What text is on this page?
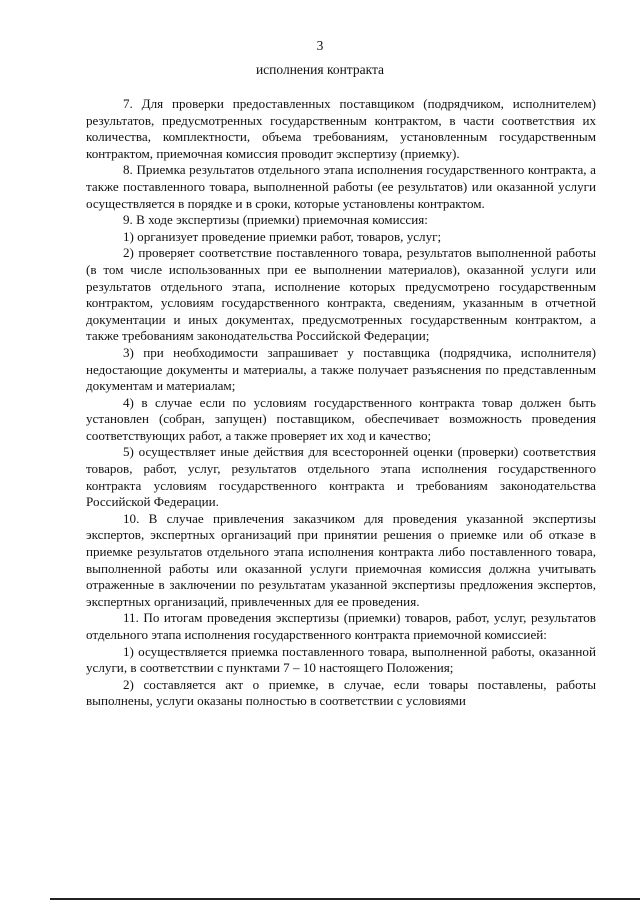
3
исполнения контракта

7. Для проверки предоставленных поставщиком (подрядчиком, исполнителем) результатов, предусмотренных государственным контрактом, в части соответствия их количества, комплектности, объема требованиям, установленным государственным контрактом, приемочная комиссия проводит экспертизу (приемку).

8. Приемка результатов отдельного этапа исполнения государственного контракта, а также поставленного товара, выполненной работы (ее результатов) или оказанной услуги осуществляется в порядке и в сроки, которые установлены контрактом.

9. В ходе экспертизы (приемки) приемочная комиссия:

1) организует проведение приемки работ, товаров, услуг;

2) проверяет соответствие поставленного товара, результатов выполненной работы (в том числе использованных при ее выполнении материалов), оказанной услуги или результатов отдельного этапа, исполнение которых предусмотрено государственным контрактом, условиям государственного контракта, сведениям, указанным в отчетной документации и иных документах, предусмотренных государственным контрактом, а также требованиям законодательства Российской Федерации;

3) при необходимости запрашивает у поставщика (подрядчика, исполнителя) недостающие документы и материалы, а также получает разъяснения по представленным документам и материалам;

4) в случае если по условиям государственного контракта товар должен быть установлен (собран, запущен) поставщиком, обеспечивает возможность проведения соответствующих работ, а также проверяет их ход и качество;

5) осуществляет иные действия для всесторонней оценки (проверки) соответствия товаров, работ, услуг, результатов отдельного этапа исполнения государственного контракта условиям государственного контракта и требованиям законодательства Российской Федерации.

10. В случае привлечения заказчиком для проведения указанной экспертизы экспертов, экспертных организаций при принятии решения о приемке или об отказе в приемке результатов отдельного этапа исполнения контракта либо поставленного товара, выполненной работы или оказанной услуги приемочная комиссия должна учитывать отраженные в заключении по результатам указанной экспертизы предложения экспертов, экспертных организаций, привлеченных для ее проведения.

11. По итогам проведения экспертизы (приемки) товаров, работ, услуг, результатов отдельного этапа исполнения государственного контракта приемочной комиссией:

1) осуществляется приемка поставленного товара, выполненной работы, оказанной услуги, в соответствии с пунктами 7 – 10 настоящего Положения;

2) составляется акт о приемке, в случае, если товары поставлены, работы выполнены, услуги оказаны полностью в соответствии с условиями
